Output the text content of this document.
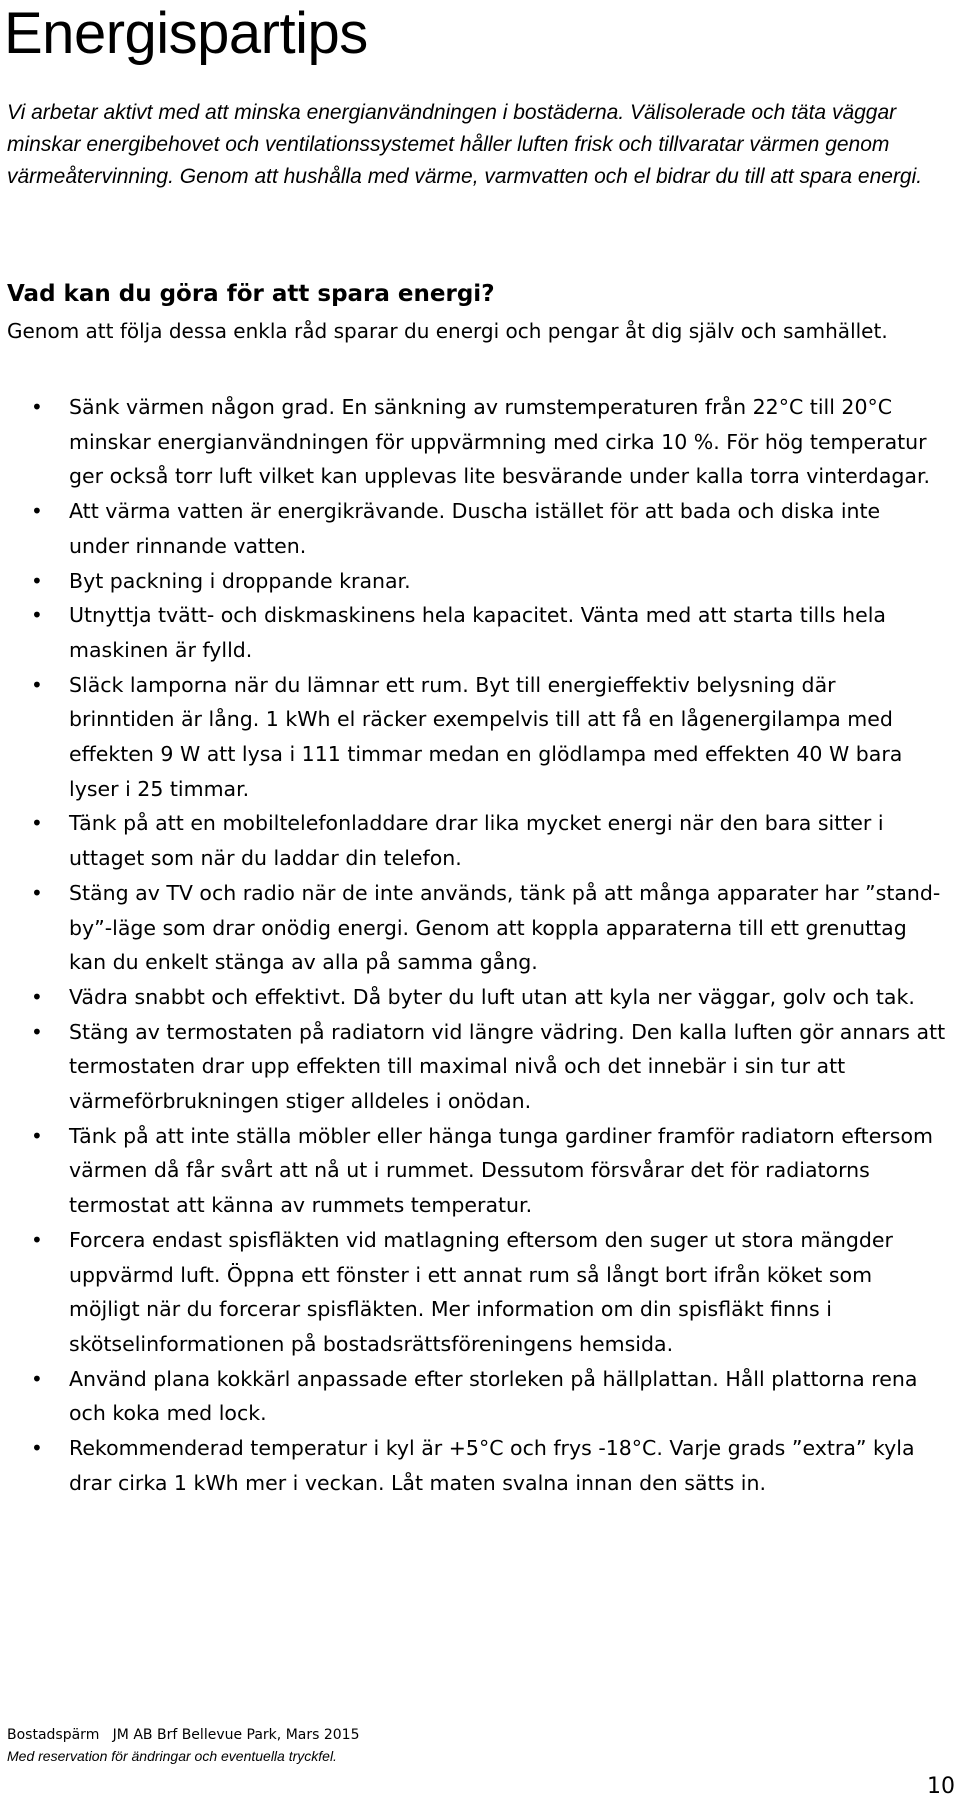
Energispartips

Vi arbetar aktivt med att minska energianvändningen i bostäderna. Välisolerade och täta väggar minskar energibehovet och ventilationssystemet håller luften frisk och tillvaratar värmen genom värmeåtervinning. Genom att hushålla med värme, varmvatten och el bidrar du till att spara energi.

Vad kan du göra för att spara energi?

Genom att följa dessa enkla råd sparar du energi och pengar åt dig själv och samhället.

• Sänk värmen någon grad. En sänkning av rumstemperaturen från 22°C till 20°C minskar energianvändningen för uppvärmning med cirka 10 %. För hög temperatur ger också torr luft vilket kan upplevas lite besvärande under kalla torra vinterdagar.
• Att värma vatten är energikrävande. Duscha istället för att bada och diska inte under rinnande vatten.
• Byt packning i droppande kranar.
• Utnyttja tvätt- och diskmaskinens hela kapacitet. Vänta med att starta tills hela maskinen är fylld.
• Släck lamporna när du lämnar ett rum. Byt till energieffektiv belysning där brinntiden är lång. 1 kWh el räcker exempelvis till att få en lågenergilampa med effekten 9 W att lysa i 111 timmar medan en glödlampa med effekten 40 W bara lyser i 25 timmar.
• Tänk på att en mobiltelefonladdare drar lika mycket energi när den bara sitter i uttaget som när du laddar din telefon.
• Stäng av TV och radio när de inte används, tänk på att många apparater har ”stand-by”-läge som drar onödig energi. Genom att koppla apparaterna till ett grenuttag kan du enkelt stänga av alla på samma gång.
• Vädra snabbt och effektivt. Då byter du luft utan att kyla ner väggar, golv och tak.
• Stäng av termostaten på radiatorn vid längre vädring. Den kalla luften gör annars att termostaten drar upp effekten till maximal nivå och det innebär i sin tur att värmeförbrukningen stiger alldeles i onödan.
• Tänk på att inte ställa möbler eller hänga tunga gardiner framför radiatorn eftersom värmen då får svårt att nå ut i rummet. Dessutom försvårar det för radiatorns termostat att känna av rummets temperatur.
• Forcera endast spisfläkten vid matlagning eftersom den suger ut stora mängder uppvärmd luft. Öppna ett fönster i ett annat rum så långt bort ifrån köket som möjligt när du forcerar spisfläkten. Mer information om din spisfläkt finns i skötselinformationen på bostadsrättsföreningens hemsida.
• Använd plana kokkärl anpassade efter storleken på hällplattan. Håll plattorna rena och koka med lock.
• Rekommenderad temperatur i kyl är +5°C och frys -18°C. Varje grads ”extra” kyla drar cirka 1 kWh mer i veckan. Låt maten svalna innan den sätts in.
Bostadspärm   JM AB Brf Bellevue Park, Mars 2015
Med reservation för ändringar och eventuella tryckfel.
10
